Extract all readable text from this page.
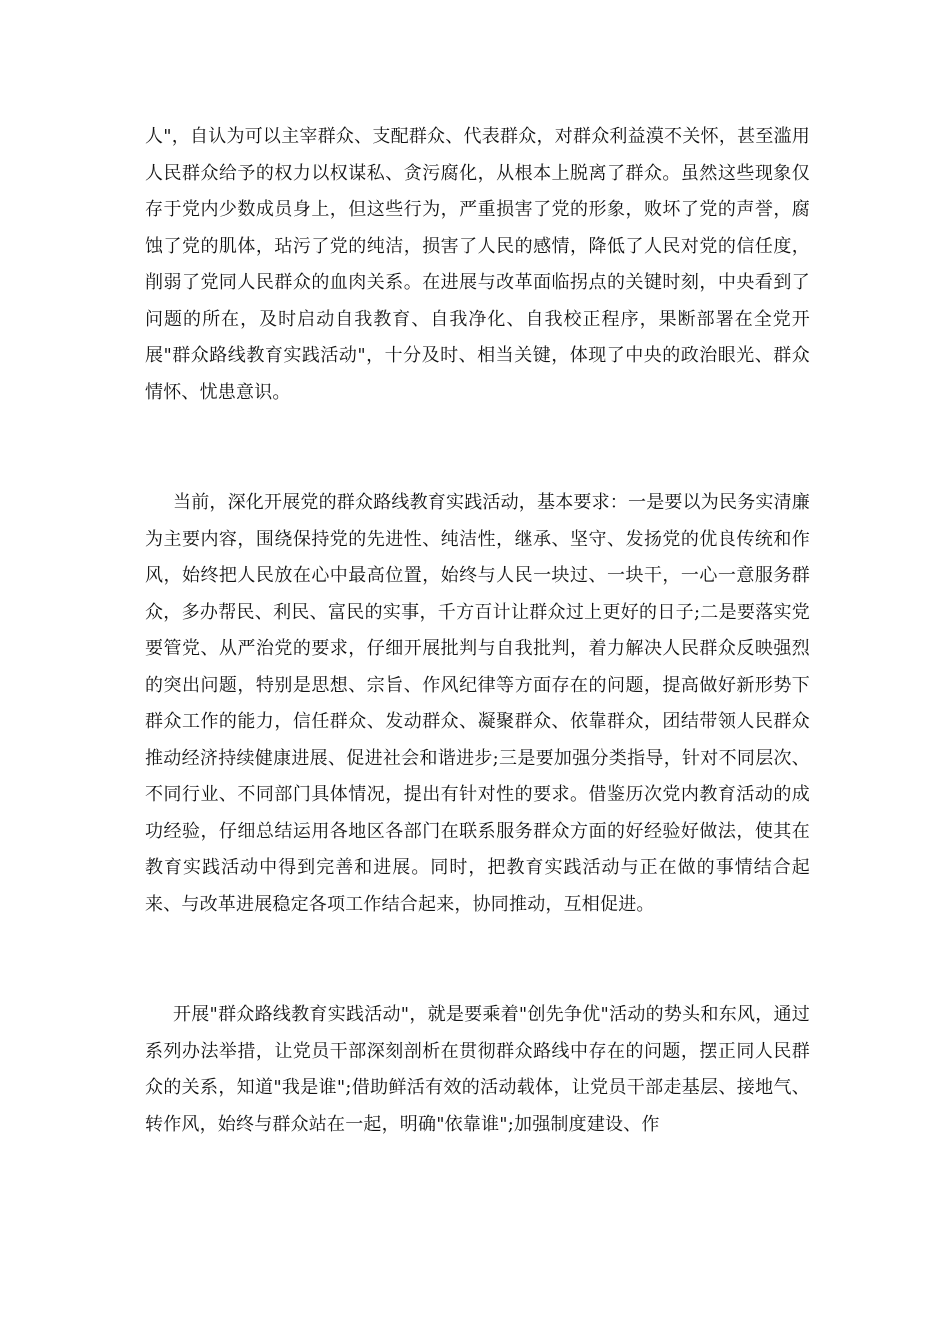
人"，自认为可以主宰群众、支配群众、代表群众，对群众利益漠不关怀，甚至滥用人民群众给予的权力以权谋私、贪污腐化，从根本上脱离了群众。虽然这些现象仅存于党内少数成员身上，但这些行为，严重损害了党的形象，败坏了党的声誉，腐蚀了党的肌体，玷污了党的纯洁，损害了人民的感情，降低了人民对党的信任度，削弱了党同人民群众的血肉关系。在进展与改革面临拐点的关键时刻，中央看到了问题的所在，及时启动自我教育、自我净化、自我校正程序，果断部署在全党开展"群众路线教育实践活动"，十分及时、相当关键，体现了中央的政治眼光、群众情怀、忧患意识。

当前，深化开展党的群众路线教育实践活动，基本要求：一是要以为民务实清廉为主要内容，围绕保持党的先进性、纯洁性，继承、坚守、发扬党的优良传统和作风，始终把人民放在心中最高位置，始终与人民一块过、一块干，一心一意服务群众，多办帮民、利民、富民的实事，千方百计让群众过上更好的日子;二是要落实党要管党、从严治党的要求，仔细开展批判与自我批判，着力解决人民群众反映强烈的突出问题，特别是思想、宗旨、作风纪律等方面存在的问题，提高做好新形势下群众工作的能力，信任群众、发动群众、凝聚群众、依靠群众，团结带领人民群众推动经济持续健康进展、促进社会和谐进步;三是要加强分类指导，针对不同层次、不同行业、不同部门具体情况，提出有针对性的要求。借鉴历次党内教育活动的成功经验，仔细总结运用各地区各部门在联系服务群众方面的好经验好做法，使其在教育实践活动中得到完善和进展。同时，把教育实践活动与正在做的事情结合起来、与改革进展稳定各项工作结合起来，协同推动，互相促进。

开展"群众路线教育实践活动"，就是要乘着"创先争优"活动的势头和东风，通过系列办法举措，让党员干部深刻剖析在贯彻群众路线中存在的问题，摆正同人民群众的关系，知道"我是谁";借助鲜活有效的活动载体，让党员干部走基层、接地气、转作风，始终与群众站在一起，明确"依靠谁";加强制度建设、作
